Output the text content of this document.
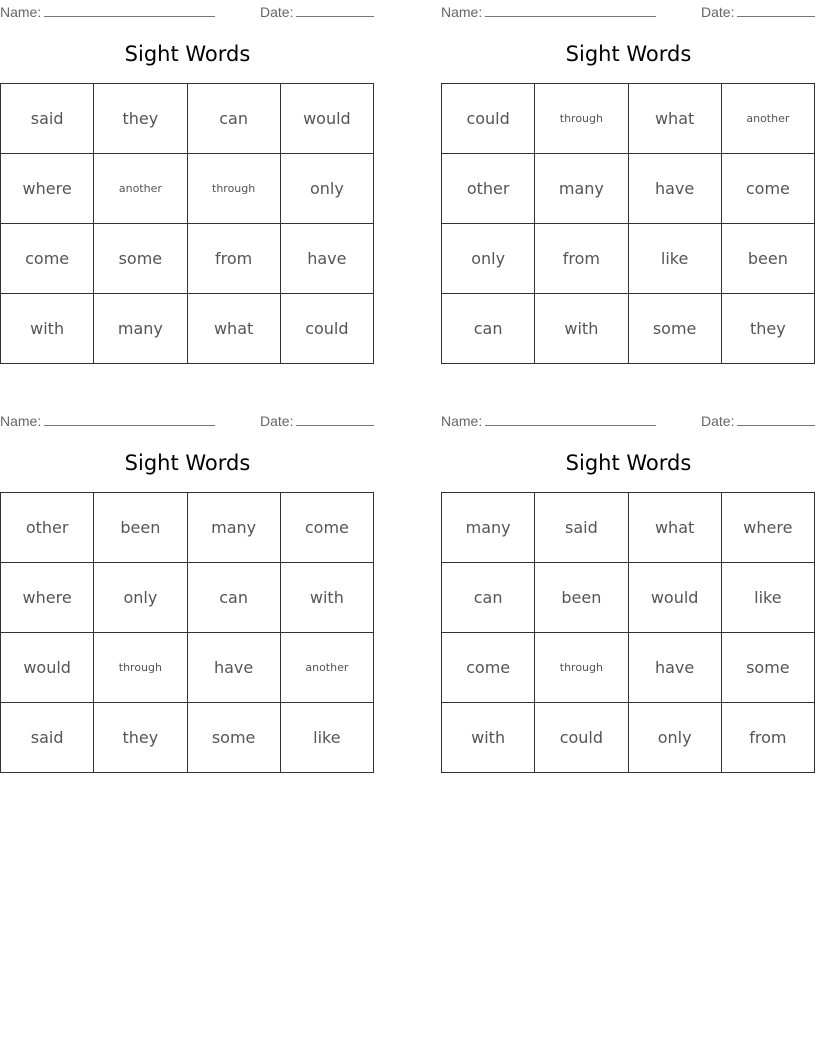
Name:	Date:
Sight Words
said	they	can	would
where	another	through	only
come	some	from	have
with	many	what	could
Name:	Date:
Sight Words
could	through	what	another
other	many	have	come
only	from	like	been
can	with	some	they
Name:	Date:
Sight Words
other	been	many	come
where	only	can	with
would	through	have	another
said	they	some	like
Name:	Date:
Sight Words
many	said	what	where
can	been	would	like
come	through	have	some
with	could	only	from
